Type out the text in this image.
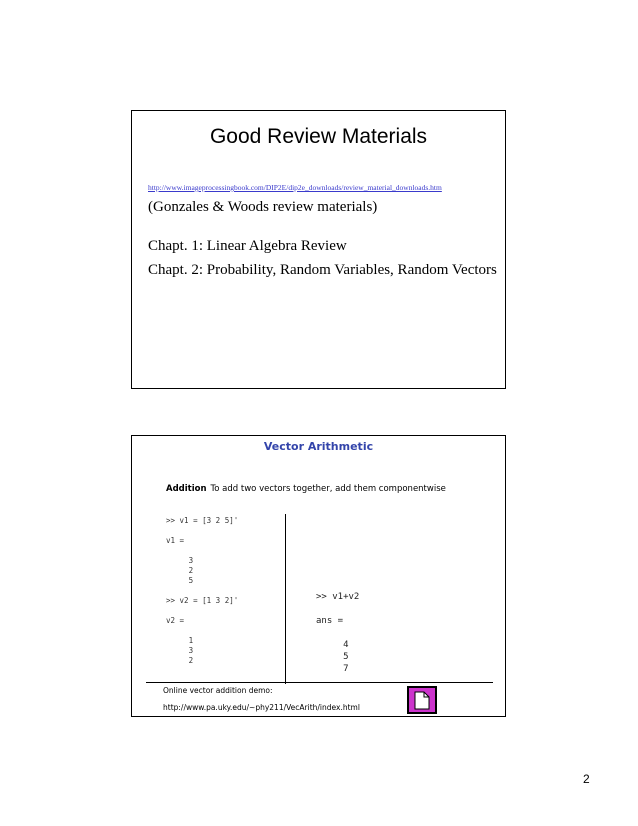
Good Review Materials
http://www.imageprocessingbook.com/DIP2E/dip2e_downloads/review_material_downloads.htm
(Gonzales & Woods review materials)
Chapt. 1: Linear Algebra Review
Chapt. 2: Probability, Random Variables, Random Vectors
Vector Arithmetic
Addition To add two vectors together, add them componentwise
>> v1 = [3 2 5]'

v1 =

3
2
5

>> v2 = [1 3 2]'

v2 =

1
3
2
>> v1+v2

ans =

4
5
7
Online vector addition demo:
http://www.pa.uky.edu/~phy211/VecArith/index.html
2
